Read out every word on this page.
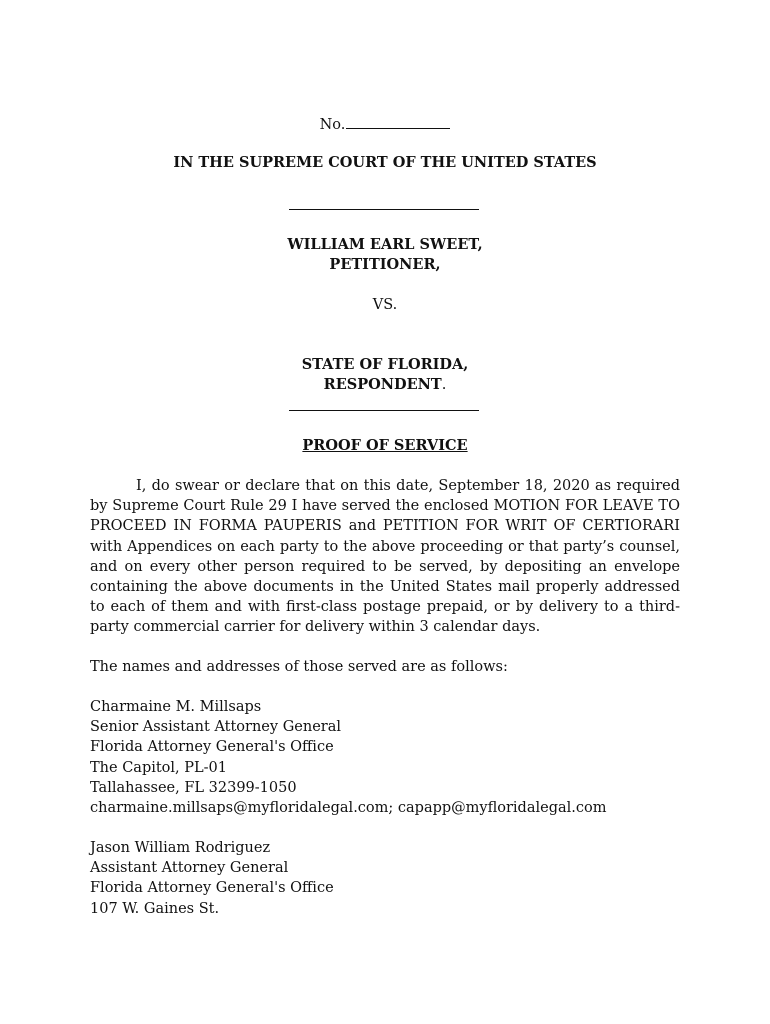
No.
IN THE SUPREME COURT OF THE UNITED STATES
WILLIAM EARL SWEET,
PETITIONER,
VS.
STATE OF FLORIDA,
RESPONDENT.
PROOF OF SERVICE
I, do swear or declare that on this date, September 18, 2020 as required by Supreme Court Rule 29 I have served the enclosed MOTION FOR LEAVE TO PROCEED IN FORMA PAUPERIS and PETITION FOR WRIT OF CERTIORARI with Appendices on each party to the above proceeding or that party’s counsel, and on every other person required to be served, by depositing an envelope containing the above documents in the United States mail properly addressed to each of them and with first-class postage prepaid, or by delivery to a third-party commercial carrier for delivery within 3 calendar days.
The names and addresses of those served are as follows:
Charmaine M. Millsaps
Senior Assistant Attorney General
Florida Attorney General's Office
The Capitol, PL-01
Tallahassee, FL 32399-1050
charmaine.millsaps@myfloridalegal.com; capapp@myfloridalegal.com
Jason William Rodriguez
Assistant Attorney General
Florida Attorney General's Office
107 W. Gaines St.
